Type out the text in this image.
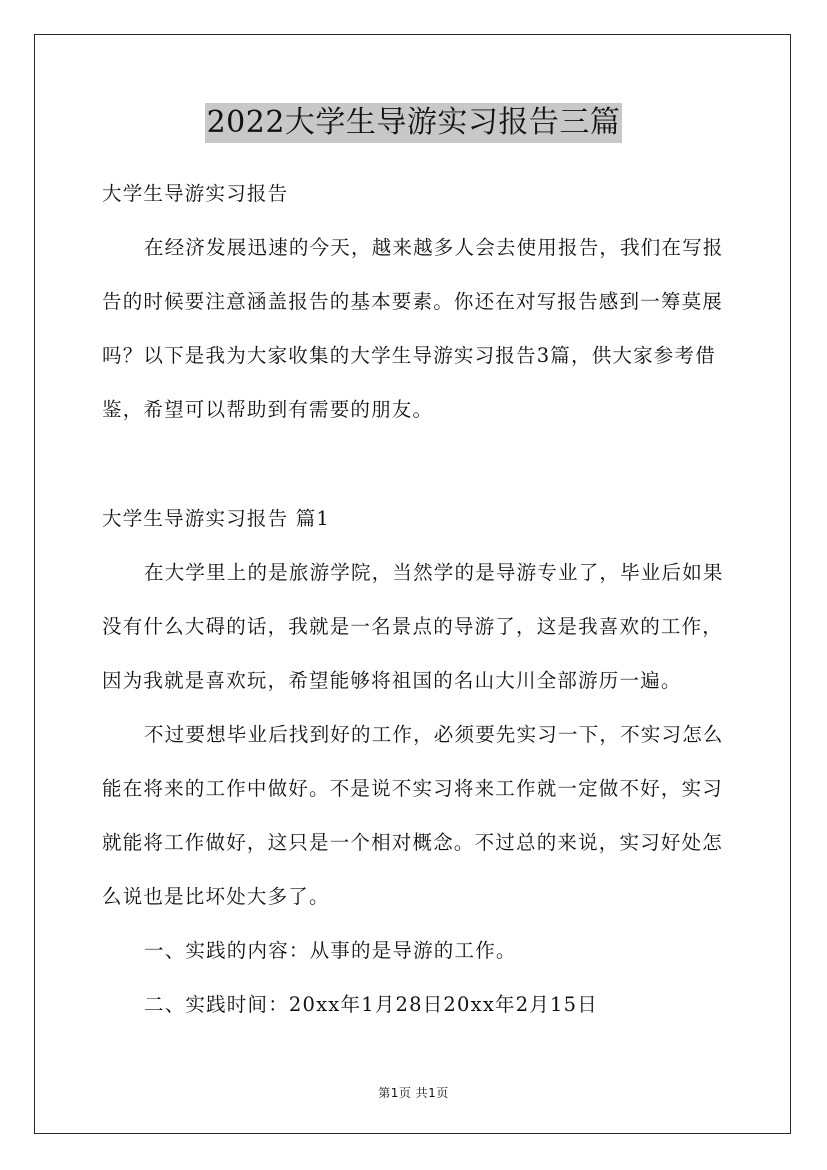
2022大学生导游实习报告三篇
大学生导游实习报告
在经济发展迅速的今天，越来越多人会去使用报告，我们在写报
告的时候要注意涵盖报告的基本要素。你还在对写报告感到一筹莫展
吗？以下是我为大家收集的大学生导游实习报告3篇，供大家参考借
鉴，希望可以帮助到有需要的朋友。
大学生导游实习报告 篇1
在大学里上的是旅游学院，当然学的是导游专业了，毕业后如果
没有什么大碍的话，我就是一名景点的导游了，这是我喜欢的工作，
因为我就是喜欢玩，希望能够将祖国的名山大川全部游历一遍。
不过要想毕业后找到好的工作，必须要先实习一下，不实习怎么
能在将来的工作中做好。不是说不实习将来工作就一定做不好，实习
就能将工作做好，这只是一个相对概念。不过总的来说，实习好处怎
么说也是比坏处大多了。
一、实践的内容：从事的是导游的工作。
二、实践时间：20xx年1月28日20xx年2月15日
第1页 共1页
